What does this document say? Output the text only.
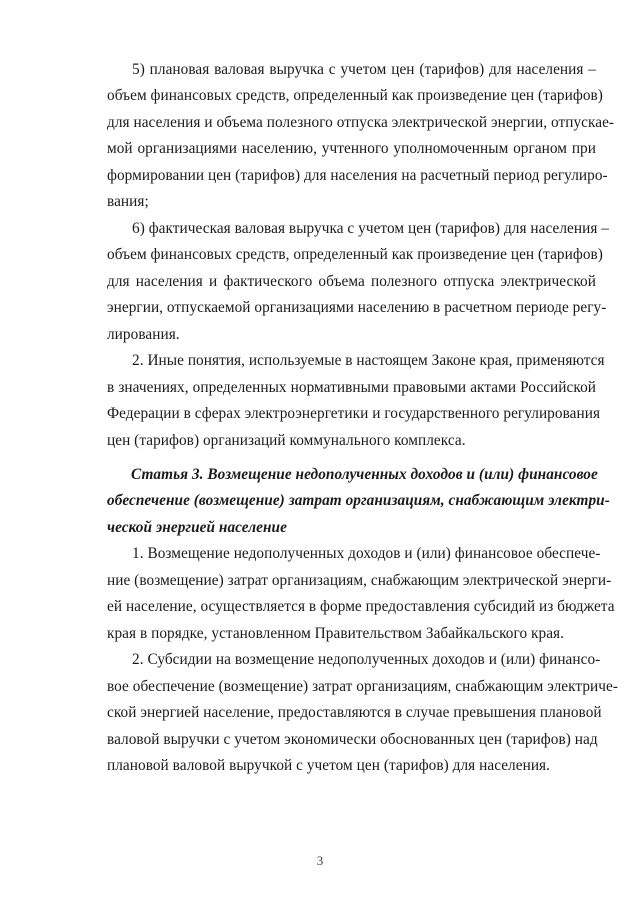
5) плановая валовая выручка с учетом цен (тарифов) для населения –
объем финансовых средств, определенный как произведение цен (тарифов)
для населения и объема полезного отпуска электрической энергии, отпускае-
мой организациями населению, учтенного уполномоченным органом при
формировании цен (тарифов) для населения на расчетный период регулиро-
вания;
6) фактическая валовая выручка с учетом цен (тарифов) для населения –
объем финансовых средств, определенный как произведение цен (тарифов)
для населения и фактического объема полезного отпуска электрической
энергии, отпускаемой организациями населению в расчетном периоде регу-
лирования.
2. Иные понятия, используемые в настоящем Законе края, применяются
в значениях, определенных нормативными правовыми актами Российской
Федерации в сферах электроэнергетики и государственного регулирования
цен (тарифов) организаций коммунального комплекса.
Статья 3. Возмещение недополученных доходов и (или) финансовое
обеспечение (возмещение) затрат организациям, снабжающим электри-
ческой энергией население
1. Возмещение недополученных доходов и (или) финансовое обеспече-
ние (возмещение) затрат организациям, снабжающим электрической энерги-
ей население, осуществляется в форме предоставления субсидий из бюджета
края в порядке, установленном Правительством Забайкальского края.
2. Субсидии на возмещение недополученных доходов и (или) финансо-
вое обеспечение (возмещение) затрат организациям, снабжающим электриче-
ской энергией население, предоставляются в случае превышения плановой
валовой выручки с учетом экономически обоснованных цен (тарифов) над
плановой валовой выручкой с учетом цен (тарифов) для населения.
3
